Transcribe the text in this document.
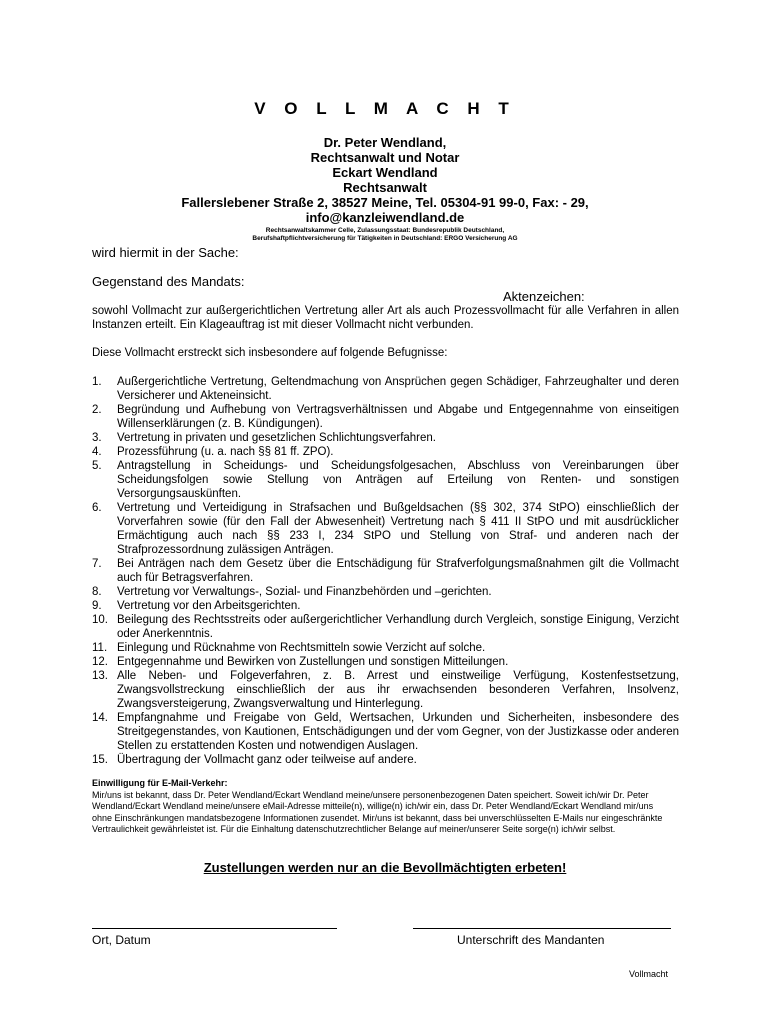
V O L L M A C H T
Dr. Peter Wendland,
Rechtsanwalt und Notar
Eckart Wendland
Rechtsanwalt
Fallerslebener Straße 2, 38527 Meine, Tel. 05304-91 99-0, Fax: - 29,
info@kanzleiwendland.de
Rechtsanwaltskammer Celle, Zulassungsstaat: Bundesrepublik Deutschland,
Berufshaftpflichtversicherung für Tätigkeiten in Deutschland: ERGO Versicherung AG
wird hiermit in der Sache:
Gegenstand des Mandats:
Aktenzeichen:
sowohl Vollmacht zur außergerichtlichen Vertretung aller Art als auch Prozessvollmacht für alle Verfahren in allen Instanzen erteilt. Ein Klageauftrag ist mit dieser Vollmacht nicht verbunden.
Diese Vollmacht erstreckt sich insbesondere auf folgende Befugnisse:
1. Außergerichtliche Vertretung, Geltendmachung von Ansprüchen gegen Schädiger, Fahrzeughalter und deren Versicherer und Akteneinsicht.
2. Begründung und Aufhebung von Vertragsverhältnissen und Abgabe und Entgegennahme von einseitigen Willenserklärungen (z. B. Kündigungen).
3. Vertretung in privaten und gesetzlichen Schlichtungsverfahren.
4. Prozessführung (u. a. nach §§ 81 ff. ZPO).
5. Antragstellung in Scheidungs- und Scheidungsfolgesachen, Abschluss von Vereinbarungen über Scheidungsfolgen sowie Stellung von Anträgen auf Erteilung von Renten- und sonstigen Versorgungsauskünften.
6. Vertretung und Verteidigung in Strafsachen und Bußgeldsachen (§§ 302, 374 StPO) einschließlich der Vorverfahren sowie (für den Fall der Abwesenheit) Vertretung nach § 411 II StPO und mit ausdrücklicher Ermächtigung auch nach §§ 233 I, 234 StPO und Stellung von Straf- und anderen nach der Strafprozessordnung zulässigen Anträgen.
7. Bei Anträgen nach dem Gesetz über die Entschädigung für Strafverfolgungsmaßnahmen gilt die Vollmacht auch für Betragsverfahren.
8. Vertretung vor Verwaltungs-, Sozial- und Finanzbehörden und –gerichten.
9. Vertretung vor den Arbeitsgerichten.
10. Beilegung des Rechtsstreits oder außergerichtlicher Verhandlung durch Vergleich, sonstige Einigung, Verzicht oder Anerkenntnis.
11. Einlegung und Rücknahme von Rechtsmitteln sowie Verzicht auf solche.
12. Entgegennahme und Bewirken von Zustellungen und sonstigen Mitteilungen.
13. Alle Neben- und Folgeverfahren, z. B. Arrest und einstweilige Verfügung, Kostenfestsetzung, Zwangsvollstreckung einschließlich der aus ihr erwachsenden besonderen Verfahren, Insolvenz, Zwangsversteigerung, Zwangsverwaltung und Hinterlegung.
14. Empfangnahme und Freigabe von Geld, Wertsachen, Urkunden und Sicherheiten, insbesondere des Streitgegenstandes, von Kautionen, Entschädigungen und der vom Gegner, von der Justizkasse oder anderen Stellen zu erstattenden Kosten und notwendigen Auslagen.
15. Übertragung der Vollmacht ganz oder teilweise auf andere.
Einwilligung für E-Mail-Verkehr:
Mir/uns ist bekannt, dass Dr. Peter Wendland/Eckart Wendland meine/unsere personenbezogenen Daten speichert. Soweit ich/wir Dr. Peter Wendland/Eckart Wendland meine/unsere eMail-Adresse mitteile(n), willige(n) ich/wir ein, dass Dr. Peter Wendland/Eckart Wendland mir/uns ohne Einschränkungen mandatsbezogene Informationen zusendet. Mir/uns ist bekannt, dass bei unverschlüsselten E-Mails nur eingeschränkte Vertraulichkeit gewährleistet ist. Für die Einhaltung datenschutzrechtlicher Belange auf meiner/unserer Seite sorge(n) ich/wir selbst.
Zustellungen werden nur an die Bevollmächtigten erbeten!
Ort, Datum	Unterschrift des Mandanten
Vollmacht
